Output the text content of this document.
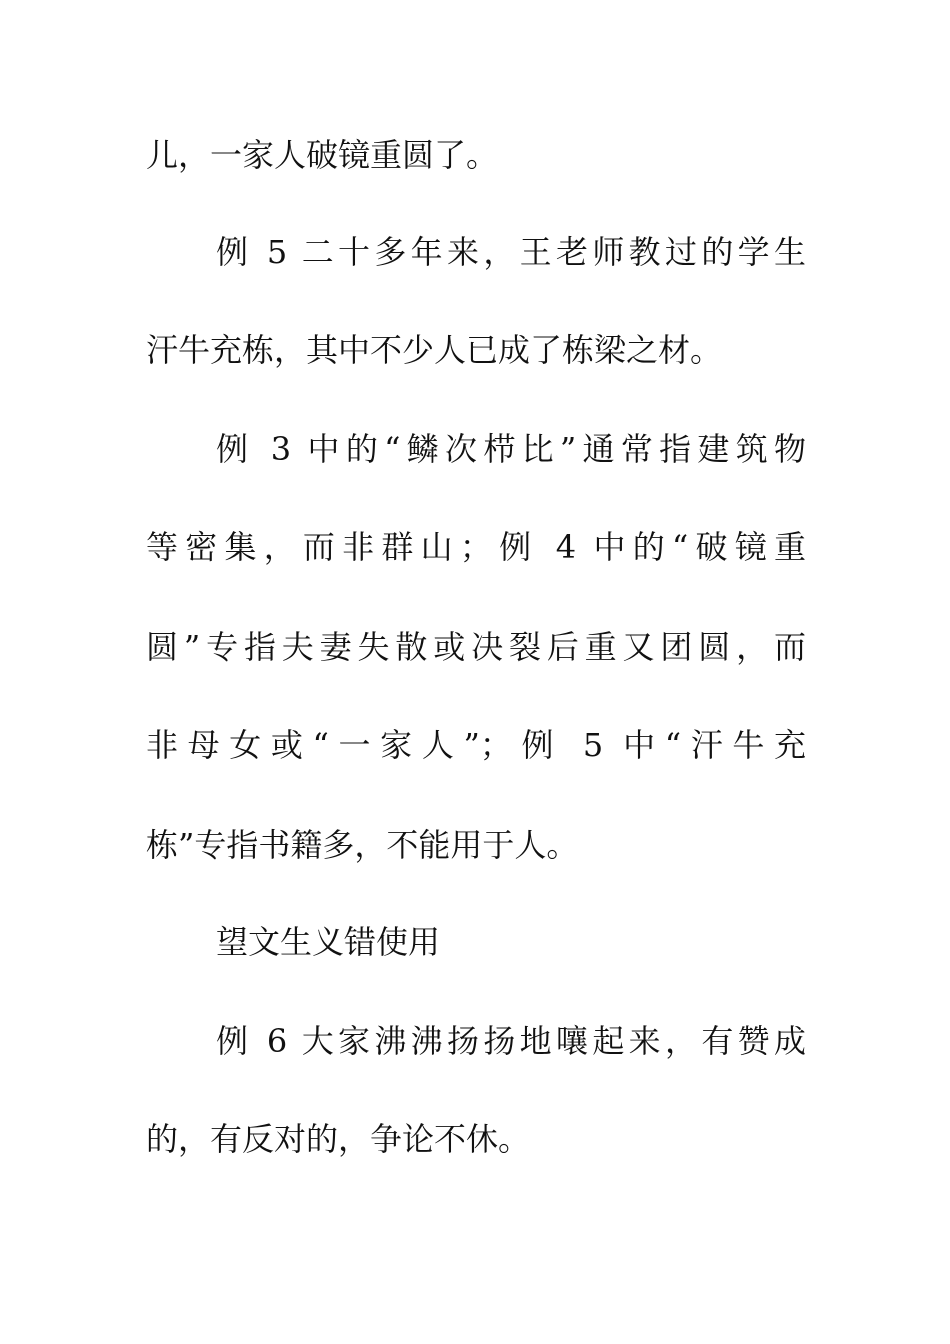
儿，一家人破镜重圆了。
例 5 二十多年来，王老师教过的学生
汗牛充栋，其中不少人已成了栋梁之材。
例 3 中的“鳞次栉比”通常指建筑物
等密集，而非群山；例 4 中的“破镜重
圆”专指夫妻失散或决裂后重又团圆，而
非母女或“一家人”；例 5 中“汗牛充
栋”专指书籍多，不能用于人。
望文生义错使用
例 6 大家沸沸扬扬地嚷起来，有赞成
的，有反对的，争论不休。
